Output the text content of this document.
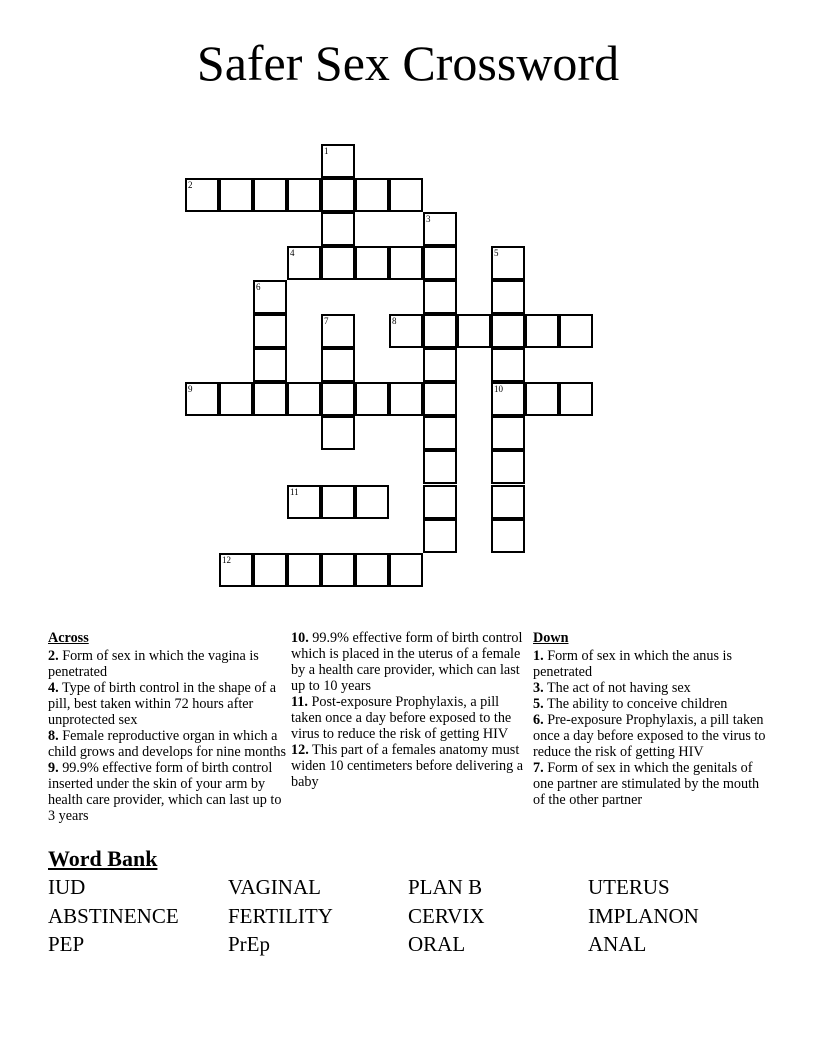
Safer Sex Crossword
1
2
3
4	5
6
7	8
9	10
11
12
Across

2. Form of sex in which the vagina is penetrated

4. Type of birth control in the shape of a pill, best taken within 72 hours after unprotected sex

8. Female reproductive organ in which a child grows and develops for nine months

9. 99.9% effective form of birth control inserted under the skin of your arm by health care provider, which can last up to 3 years

10. 99.9% effective form of birth control which is placed in the uterus of a female by a health care provider, which can last up to 10 years

11. Post-exposure Prophylaxis, a pill taken once a day before exposed to the virus to reduce the risk of getting HIV

12. This part of a females anatomy must widen 10 centimeters before delivering a baby

Down

1. Form of sex in which the anus is penetrated

3. The act of not having sex

5. The ability to conceive children

6. Pre-exposure Prophylaxis, a pill taken once a day before exposed to the virus to reduce the risk of getting HIV

7. Form of sex in which the genitals of one partner are stimulated by the mouth of the other partner

Word Bank
IUD	VAGINAL	PLAN B	UTERUS
ABSTINENCE FERTILITY	CERVIX	IMPLANON
PEP	PrEp	ORAL	ANAL
